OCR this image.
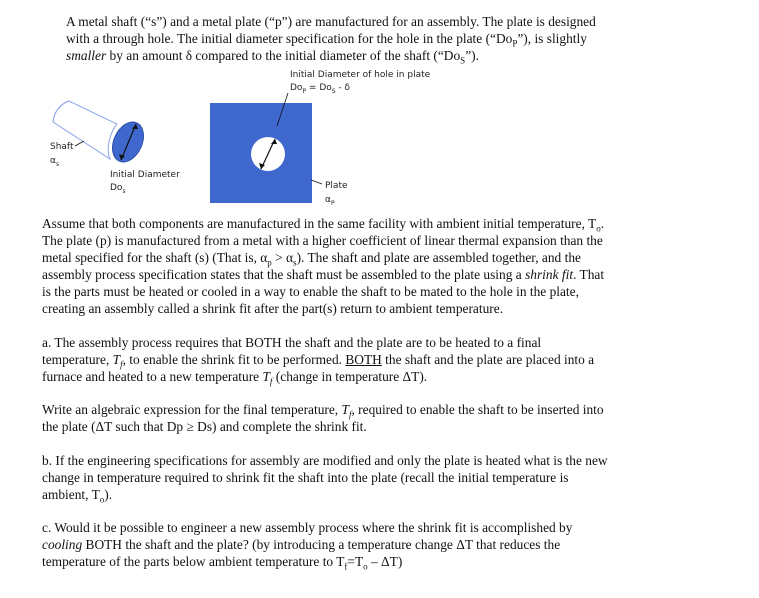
A metal shaft (“s”) and a metal plate (“p”) are manufactured for an assembly. The plate is designed

with a through hole. The initial diameter specification for the hole in the plate $(“Do_P”)$, is slightly

smaller by an amount δ compared to the initial diameter of the shaft $(“Do_S”)$.

Initial Diameter of hole in plate
$Do_P = Do_S - \delta$
Shaft
$\alpha_s$
Initial Diameter
$Do_s$
Plate
$\alpha_P$

Assume that both components are manufactured in the same facility with ambient initial temperature, $T_o$.

The plate (p) is manufactured from a metal with a higher coefficient of linear thermal expansion than the

metal specified for the shaft (s) (That is, $\alpha_p > \alpha_s$). The shaft and plate are assembled together, and the

assembly process specification states that the shaft must be assembled to the plate using a shrink fit. That

is the parts must be heated or cooled in a way to enable the shaft to be mated to the hole in the plate,

creating an assembly called a shrink fit after the part(s) return to ambient temperature.

a. The assembly process requires that BOTH the shaft and the plate are to be heated to a final

temperature, $T_f$, to enable the shrink fit to be performed. BOTH the shaft and the plate are placed into a

furnace and heated to a new temperature $T_f$ (change in temperature ΔT).

Write an algebraic expression for the final temperature, $T_f$, required to enable the shaft to be inserted into

the plate (ΔT such that Dp ≥ Ds) and complete the shrink fit.

b. If the engineering specifications for assembly are modified and only the plate is heated what is the new

change in temperature required to shrink fit the shaft into the plate (recall the initial temperature is

ambient, $T_o$).

c. Would it be possible to engineer a new assembly process where the shrink fit is accomplished by

cooling BOTH the shaft and the plate? (by introducing a temperature change ΔT that reduces the

temperature of the parts below ambient temperature to $T_f=T_o - \Delta T$)
